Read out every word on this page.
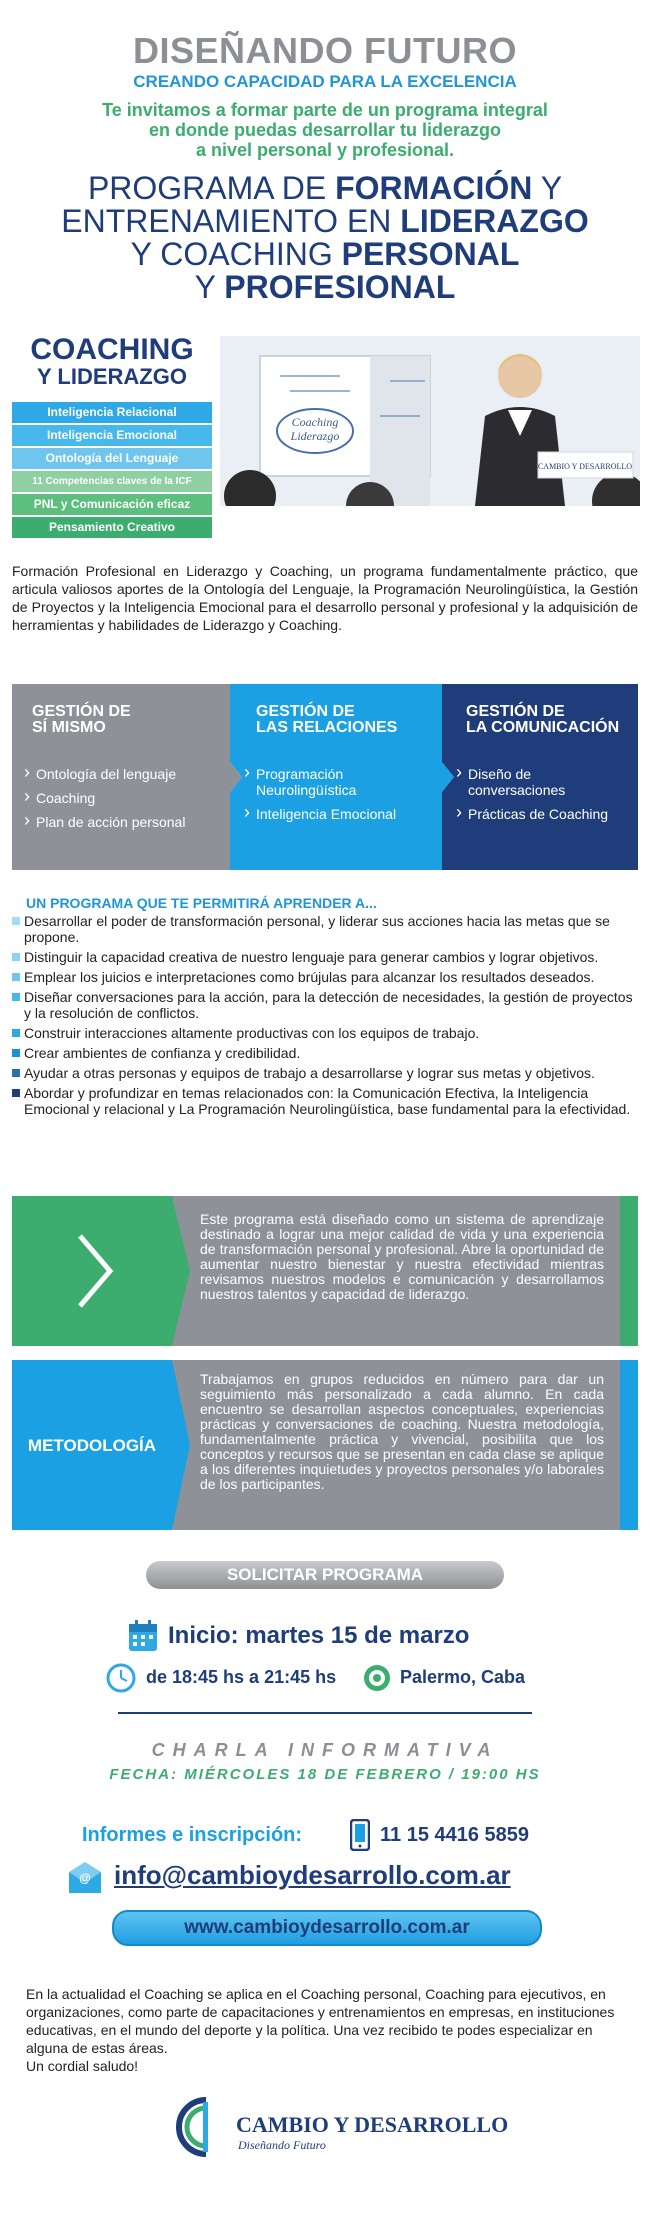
DISEÑANDO FUTURO
CREANDO CAPACIDAD PARA LA EXCELENCIA
Te invitamos a formar parte de un programa integral
en donde puedas desarrollar tu liderazgo
a nivel personal y profesional.
PROGRAMA DE FORMACIÓN Y
ENTRENAMIENTO EN LIDERAZGO
Y COACHING PERSONAL
Y PROFESIONAL
COACHING
Y LIDERAZGO
Inteligencia Relacional
Inteligencia Emocional
Ontología del Lenguaje
11 Competencias claves de la ICF
PNL y Comunicación eficaz
Pensamiento Creativo
Coaching
Liderazgo
CAMBIO Y DESARROLLO
Formación Profesional en Liderazgo y Coaching, un programa fundamentalmente práctico, que articula valiosos aportes de la Ontología del Lenguaje, la Programación Neurolingüística, la Gestión de Proyectos y la Inteligencia Emocional para el desarrollo personal y profesional y la adquisición de herramientas y habilidades de Liderazgo y Coaching.
GESTIÓN DE
SÍ MISMO
› Ontología del lenguaje
› Coaching
› Plan de acción personal
GESTIÓN DE
LAS RELACIONES
› Programación Neurolingüística
› Inteligencia Emocional
GESTIÓN DE
LA COMUNICACIÓN
› Diseño de conversaciones
› Prácticas de Coaching
UN PROGRAMA QUE TE PERMITIRÁ APRENDER A...
Desarrollar el poder de transformación personal, y liderar sus acciones hacia las metas que se propone.
Distinguir la capacidad creativa de nuestro lenguaje para generar cambios y lograr objetivos.
Emplear los juicios e interpretaciones como brújulas para alcanzar los resultados deseados.
Diseñar conversaciones para la acción, para la detección de necesidades, la gestión de proyectos y la resolución de conflictos.
Construir interacciones altamente productivas con los equipos de trabajo.
Crear ambientes de confianza y credibilidad.
Ayudar a otras personas y equipos de trabajo a desarrollarse y lograr sus metas y objetivos.
Abordar y profundizar en temas relacionados con: la Comunicación Efectiva, la Inteligencia Emocional y relacional y La Programación Neurolingüística, base fundamental para la efectividad.
Este programa está diseñado como un sistema de aprendizaje destinado a lograr una mejor calidad de vida y una experiencia de transformación personal y profesional. Abre la oportunidad de aumentar nuestro bienestar y nuestra efectividad mientras revisamos nuestros modelos e comunicación y desarrollamos nuestros talentos y capacidad de liderazgo.
METODOLOGÍA
Trabajamos en grupos reducidos en número para dar un seguimiento más personalizado a cada alumno. En cada encuentro se desarrollan aspectos conceptuales, experiencias prácticas y conversaciones de coaching. Nuestra metodología, fundamentalmente práctica y vivencial, posibilita que los conceptos y recursos que se presentan en cada clase se aplique a los diferentes inquietudes y proyectos personales y/o laborales de los participantes.
SOLICITAR PROGRAMA
Inicio: martes 15 de marzo
de 18:45 hs a 21:45 hs	Palermo, Caba
CHARLA INFORMATIVA
FECHA: MIÉRCOLES 18 DE FEBRERO / 19:00 HS
Informes e inscripción:	11 15 4416 5859
@ info@cambioydesarrollo.com.ar
www.cambioydesarrollo.com.ar
En la actualidad el Coaching se aplica en el Coaching personal, Coaching para ejecutivos, en organizaciones, como parte de capacitaciones y entrenamientos en empresas, en instituciones educativas, en el mundo del deporte y la política. Una vez recibido te podes especializar en alguna de estas áreas.
Un cordial saludo!
CAMBIO Y DESARROLLO
Diseñando Futuro
